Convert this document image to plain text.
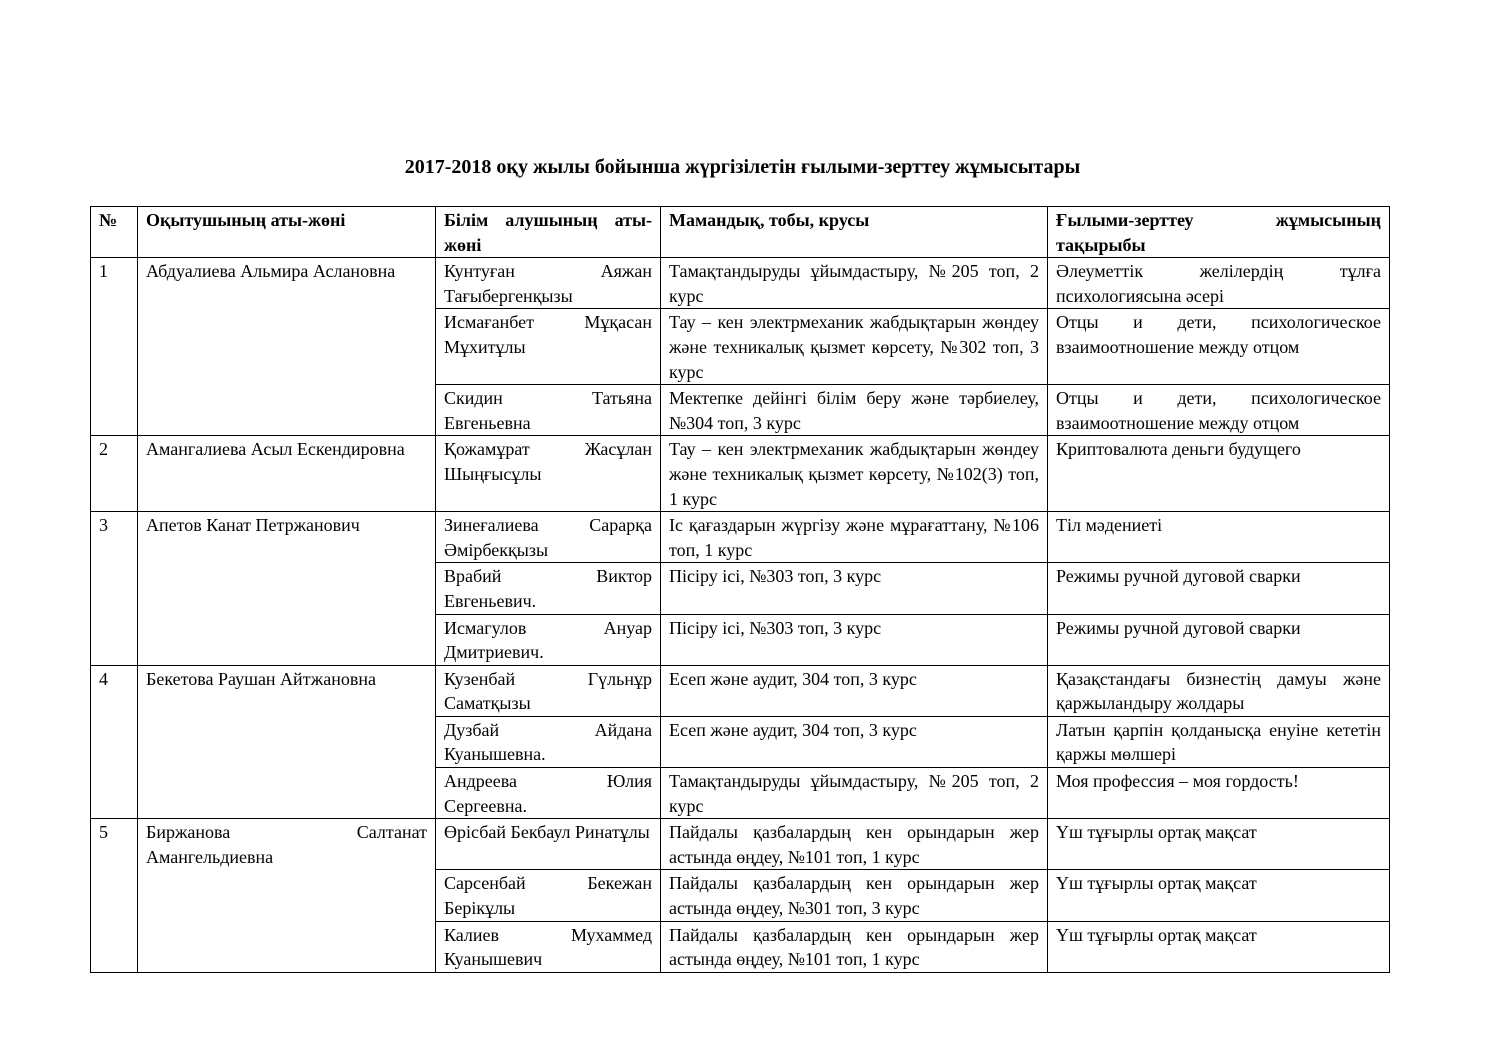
2017-2018 оқу жылы бойынша жүргізілетін ғылыми-зерттеу жұмысытары
№	Оқытушының аты-жөні	Білім алушының аты-жөні	Мамандық, тобы, крусы	Ғылыми-зерттеу жұмысының тақырыбы
1	Абдуалиева Альмира Аслановна	Кунтуған Аяжан Тағыбергенқызы	Тамақтандыруды ұйымдастыру, №205 топ, 2 курс	Әлеуметтік желілердің тұлға психологиясына әсері
		Исмағанбет Мұқасан Мұхитұлы	Тау – кен электрмеханик жабдықтарын жөндеу және техникалық қызмет көрсету, №302 топ, 3 курс	Отцы и дети, психологическое взаимоотношение между отцом
		Скидин Татьяна Евгеньевна	Мектепке дейінгі білім беру және тәрбиелеу, №304 топ, 3 курс	Отцы и дети, психологическое взаимоотношение между отцом
2	Амангалиева Асыл Ескендировна	Қожамұрат Жасұлан Шыңғысұлы	Тау – кен электрмеханик жабдықтарын жөндеу және техникалық қызмет көрсету, №102(3) топ, 1 курс	Криптовалюта деньги будущего
3	Апетов Канат Петржанович	Зинеғалиева Сарарқа Әмірбекқызы	Іс қағаздарын жүргізу және мұрағаттану, №106 топ, 1 курс	Тіл мәдениеті
		Врабий Виктор Евгеньевич.	Пісіру ісі, №303 топ, 3 курс	Режимы ручной дуговой сварки
		Исмагулов Ануар Дмитриевич.	Пісіру ісі, №303 топ, 3 курс	Режимы ручной дуговой сварки
4	Бекетова Раушан Айтжановна	Кузенбай Гүльнұр Саматқызы	Есеп және аудит, 304 топ, 3 курс	Қазақстандағы бизнестің дамуы және қаржыландыру жолдары
		Дузбай Айдана Куанышевна.	Есеп және аудит, 304 топ, 3 курс	Латын қарпін қолданысқа енуіне кететін қаржы мөлшері
		Андреева Юлия Сергеевна.	Тамақтандыруды ұйымдастыру, №205 топ, 2 курс	Моя профессия – моя гордость!
5	Биржанова Салтанат Амангельдиевна	Өрісбай Бекбаул Ринатұлы	Пайдалы қазбалардың кен орындарын жер астында өңдеу, №101 топ, 1 курс	Үш тұғырлы ортақ мақсат
		Сарсенбай Бекежан Берікұлы	Пайдалы қазбалардың кен орындарын жер астында өңдеу, №301 топ, 3 курс	Үш тұғырлы ортақ мақсат
		Калиев Мухаммед Куанышевич	Пайдалы қазбалардың кен орындарын жер астында өңдеу, №101 топ, 1 курс	Үш тұғырлы ортақ мақсат
